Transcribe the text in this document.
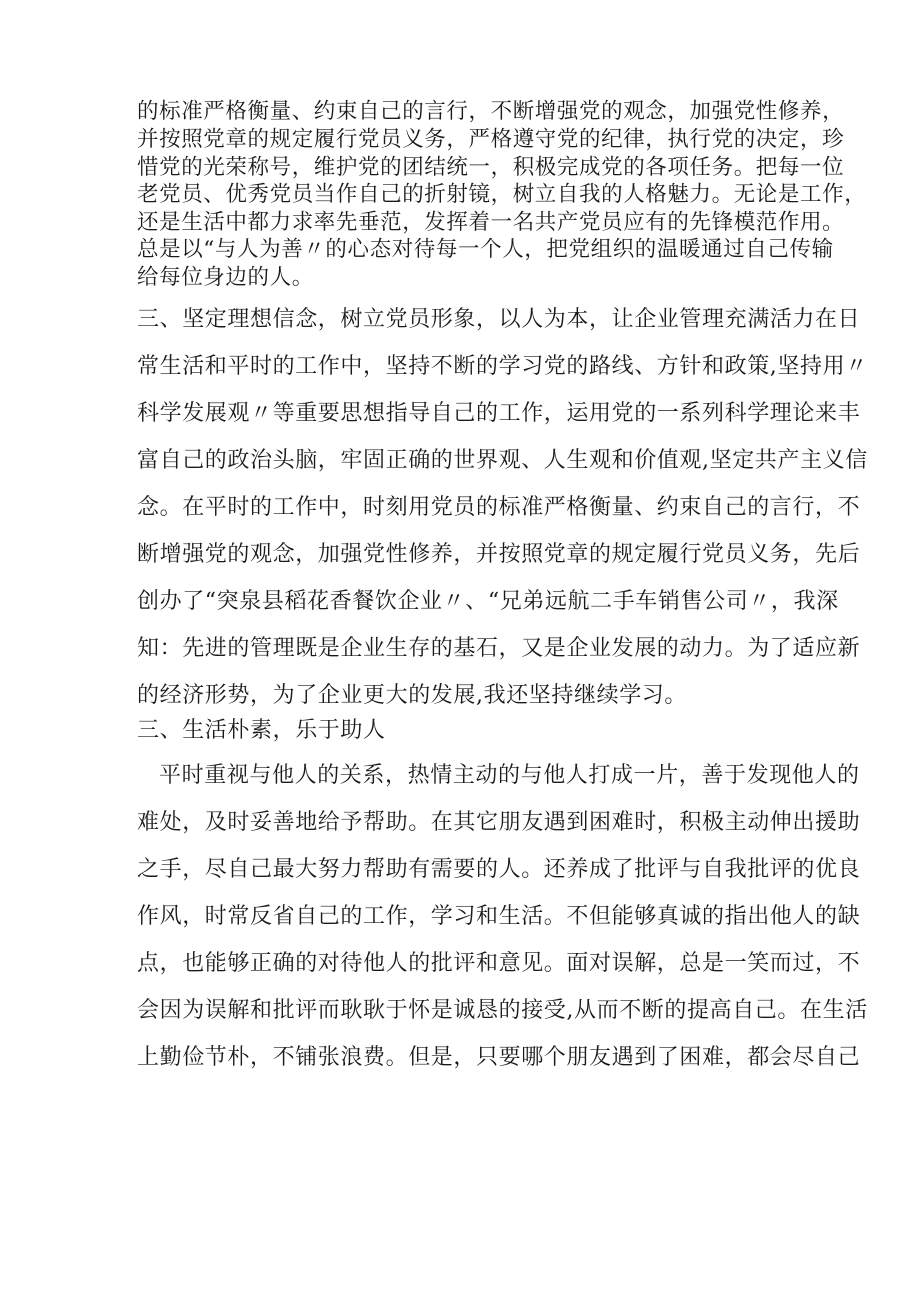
的标准严格衡量、约束自己的言行，不断增强党的观念，加强党性修养，
并按照党章的规定履行党员义务，严格遵守党的纪律，执行党的决定，珍
惜党的光荣称号，维护党的团结统一，积极完成党的各项任务。把每一位
老党员、优秀党员当作自己的折射镜，树立自我的人格魅力。无论是工作，
还是生活中都力求率先垂范，发挥着一名共产党员应有的先锋模范作用。
总是以“与人为善〃的心态对待每一个人，把党组织的温暖通过自己传输
给每位身边的人。
三、坚定理想信念，树立党员形象，以人为本，让企业管理充满活力在日
常生活和平时的工作中，坚持不断的学习党的路线、方针和政策,坚持用〃
科学发展观〃等重要思想指导自己的工作，运用党的一系列科学理论来丰
富自己的政治头脑，牢固正确的世界观、人生观和价值观,坚定共产主义信
念。在平时的工作中，时刻用党员的标准严格衡量、约束自己的言行，不
断增强党的观念，加强党性修养，并按照党章的规定履行党员义务，先后
创办了“突泉县稻花香餐饮企业〃、“兄弟远航二手车销售公司〃，我深
知：先进的管理既是企业生存的基石，又是企业发展的动力。为了适应新
的经济形势，为了企业更大的发展,我还坚持继续学习。
三、生活朴素，乐于助人
平时重视与他人的关系，热情主动的与他人打成一片，善于发现他人的
难处，及时妥善地给予帮助。在其它朋友遇到困难时，积极主动伸出援助
之手，尽自己最大努力帮助有需要的人。还养成了批评与自我批评的优良
作风，时常反省自己的工作，学习和生活。不但能够真诚的指出他人的缺
点，也能够正确的对待他人的批评和意见。面对误解，总是一笑而过，不
会因为误解和批评而耿耿于怀是诚恳的接受,从而不断的提高自己。在生活
上勤俭节朴，不铺张浪费。但是，只要哪个朋友遇到了困难，都会尽自己
